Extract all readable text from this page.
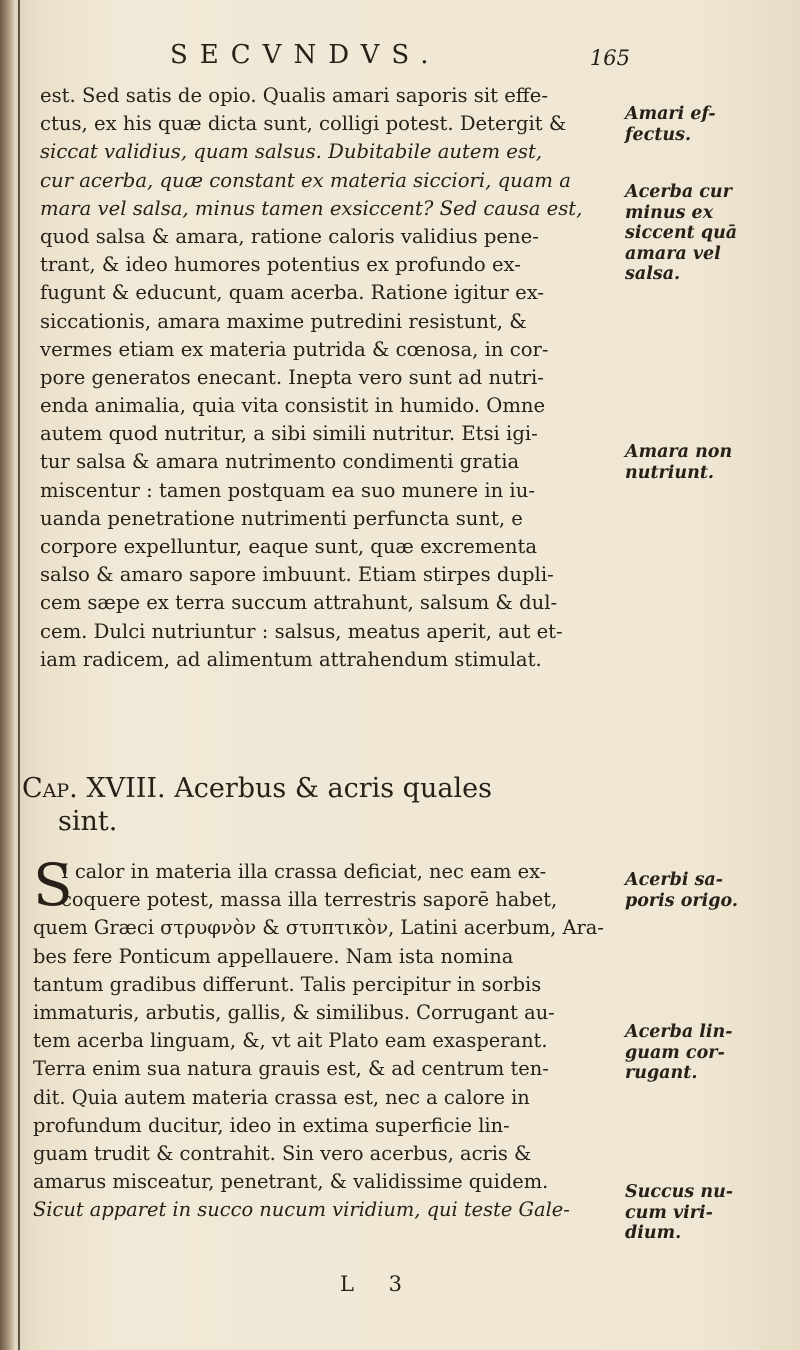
SECVNDVS.	165
est. Sed satis de opio. Qualis amari saporis sit effe-
ctus, ex his quæ dicta sunt, colligi potest. Detergit &
siccat validius, quam salsus. Dubitabile autem est,
cur acerba, quæ constant ex materia sicciori, quam a
mara vel salsa, minus tamen exsiccent? Sed causa est,
quod salsa & amara, ratione caloris validius pene-
trant, & ideo humores potentius ex profundo ex-
fugunt & educunt, quam acerba. Ratione igitur ex-
siccationis, amara maxime putredini resistunt, &
vermes etiam ex materia putrida & cœnosa, in cor-
pore generatos enecant. Inepta vero sunt ad nutri-
enda animalia, quia vita consistit in humido. Omne
autem quod nutritur, a sibi simili nutritur. Etsi igi-
tur salsa & amara nutrimento condimenti gratia
miscentur : tamen postquam ea suo munere in iu-
uanda penetratione nutrimenti perfuncta sunt, e
corpore expelluntur, eaque sunt, quæ excrementa
salso & amaro sapore imbuunt. Etiam stirpes dupli-
cem sæpe ex terra succum attrahunt, salsum & dul-
cem. Dulci nutriuntur : salsus, meatus aperit, aut et-
iam radicem, ad alimentum attrahendum stimulat.
Cap. XVIII. Acerbus & acris quales
sint.
S
I calor in materia illa crassa deficiat, nec eam ex-
coquere potest, massa illa terrestris saporē habet,
quem Græci στρυφνὸν & στυπτικὸν, Latini acerbum, Ara-
bes fere Ponticum appellauere. Nam ista nomina
tantum gradibus differunt. Talis percipitur in sorbis
immaturis, arbutis, gallis, & similibus. Corrugant au-
tem acerba linguam, &, vt ait Plato eam exasperant.
Terra enim sua natura grauis est, & ad centrum ten-
dit. Quia autem materia crassa est, nec a calore in
profundum ducitur, ideo in extima superficie lin-
guam trudit & contrahit. Sin vero acerbus, acris &
amarus misceatur, penetrant, & validissime quidem.
Sicut apparet in succo nucum viridium, qui teste Gale-
Amari ef-
fectus.
Acerba cur
minus ex
siccent quā
amara vel
salsa.
Amara non
nutriunt.
Acerbi sa-
poris origo.
Acerba lin-
guam cor-
rugant.
Succus nu-
cum viri-
dium.
L 3
